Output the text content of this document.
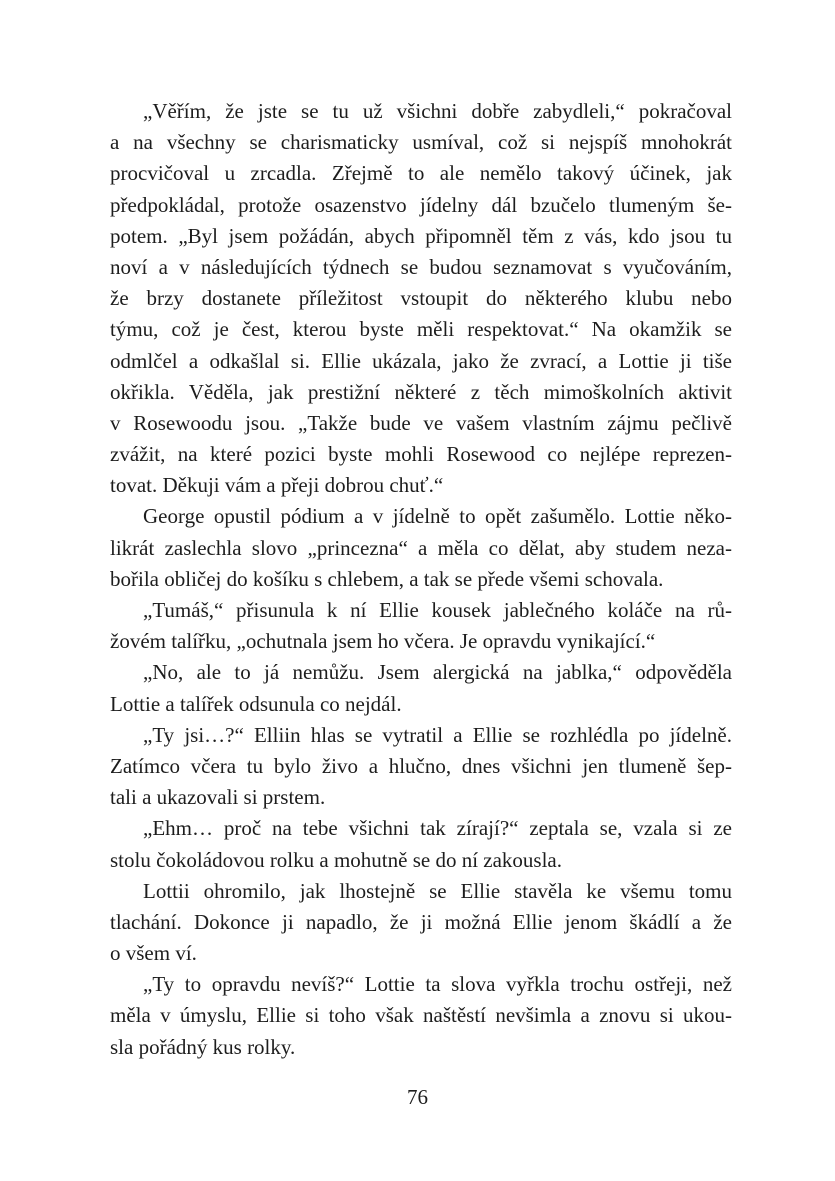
„Věřím, že jste se tu už všichni dobře zabydleli,“ pokračoval
a na všechny se charismaticky usmíval, což si nejspíš mnohokrát
procvičoval u zrcadla. Zřejmě to ale nemělo takový účinek, jak
předpokládal, protože osazenstvo jídelny dál bzučelo tlumeným še-
potem. „Byl jsem požádán, abych připomněl těm z vás, kdo jsou tu
noví a v následujících týdnech se budou seznamovat s vyučováním,
že brzy dostanete příležitost vstoupit do některého klubu nebo
týmu, což je čest, kterou byste měli respektovat.“ Na okamžik se
odmlčel a odkašlal si. Ellie ukázala, jako že zvrací, a Lottie ji tiše
okřikla. Věděla, jak prestižní některé z těch mimoškolních aktivit
v Rosewoodu jsou. „Takže bude ve vašem vlastním zájmu pečlivě
zvážit, na které pozici byste mohli Rosewood co nejlépe reprezen-
tovat. Děkuji vám a přeji dobrou chuť.“
George opustil pódium a v jídelně to opět zašumělo. Lottie něko-
likrát zaslechla slovo „princezna“ a měla co dělat, aby studem neza-
bořila obličej do košíku s chlebem, a tak se přede všemi schovala.
„Tumáš,“ přisunula k ní Ellie kousek jablečného koláče na rů-
žovém talířku, „ochutnala jsem ho včera. Je opravdu vynikající.“
„No, ale to já nemůžu. Jsem alergická na jablka,“ odpověděla
Lottie a talířek odsunula co nejdál.
„Ty jsi…?“ Elliin hlas se vytratil a Ellie se rozhlédla po jídelně.
Zatímco včera tu bylo živo a hlučno, dnes všichni jen tlumeně šep-
tali a ukazovali si prstem.
„Ehm… proč na tebe všichni tak zírají?“ zeptala se, vzala si ze
stolu čokoládovou rolku a mohutně se do ní zakousla.
Lottii ohromilo, jak lhostejně se Ellie stavěla ke všemu tomu
tlachání. Dokonce ji napadlo, že ji možná Ellie jenom škádlí a že
o všem ví.
„Ty to opravdu nevíš?“ Lottie ta slova vyřkla trochu ostřeji, než
měla v úmyslu, Ellie si toho však naštěstí nevšimla a znovu si ukou-
sla pořádný kus rolky.
76
